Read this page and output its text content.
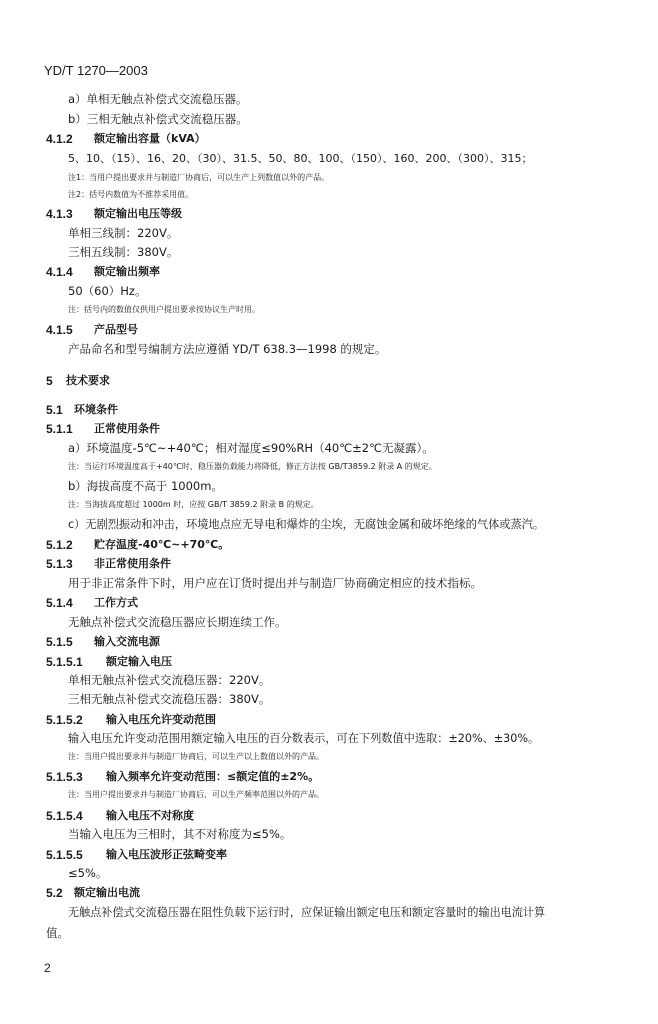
YD/T 1270—2003
a）单相无触点补偿式交流稳压器。
b）三相无触点补偿式交流稳压器。
4.1.2 额定输出容量（kVA）
5、10、（15）、16、20、（30）、31.5、50、80、100、（150）、160、200、（300）、315；
注1：当用户提出要求并与制造厂协商后，可以生产上列数值以外的产品。
注2：括号内数值为不推荐采用值。
4.1.3 额定输出电压等级
单相三线制：220V。
三相五线制：380V。
4.1.4 额定输出频率
50（60）Hz。
注：括号内的数值仅供用户提出要求按协议生产时用。
4.1.5 产品型号
产品命名和型号编制方法应遵循 YD/T 638.3—1998 的规定。
5 技术要求
5.1 环境条件
5.1.1 正常使用条件
a）环境温度-5℃~+40℃；相对湿度≤90%RH（40℃±2℃无凝露）。
注：当运行环境温度高于+40℃时，稳压器负载能力将降低，修正方法按 GB/T3859.2 附录 A 的规定。
b）海拔高度不高于 1000m。
注：当海拔高度超过 1000m 时，应按 GB/T 3859.2 附录 B 的规定。
c）无剧烈振动和冲击，环境地点应无导电和爆炸的尘埃，无腐蚀金属和破坏绝缘的气体或蒸汽。
5.1.2 贮存温度-40℃~+70℃。
5.1.3 非正常使用条件
用于非正常条件下时，用户应在订货时提出并与制造厂协商确定相应的技术指标。
5.1.4 工作方式
无触点补偿式交流稳压器应长期连续工作。
5.1.5 输入交流电源
5.1.5.1 额定输入电压
单相无触点补偿式交流稳压器：220V。
三相无触点补偿式交流稳压器：380V。
5.1.5.2 输入电压允许变动范围
输入电压允许变动范围用额定输入电压的百分数表示，可在下列数值中选取：±20%、±30%。
注：当用户提出要求并与制造厂协商后，可以生产以上数值以外的产品。
5.1.5.3 输入频率允许变动范围：≤额定值的±2%。
注：当用户提出要求并与制造厂协商后，可以生产频率范围以外的产品。
5.1.5.4 输入电压不对称度
当输入电压为三相时，其不对称度为≤5%。
5.1.5.5 输入电压波形正弦畸变率
≤5%。
5.2 额定输出电流
无触点补偿式交流稳压器在阻性负载下运行时，应保证输出额定电压和额定容量时的输出电流计算
值。
2
